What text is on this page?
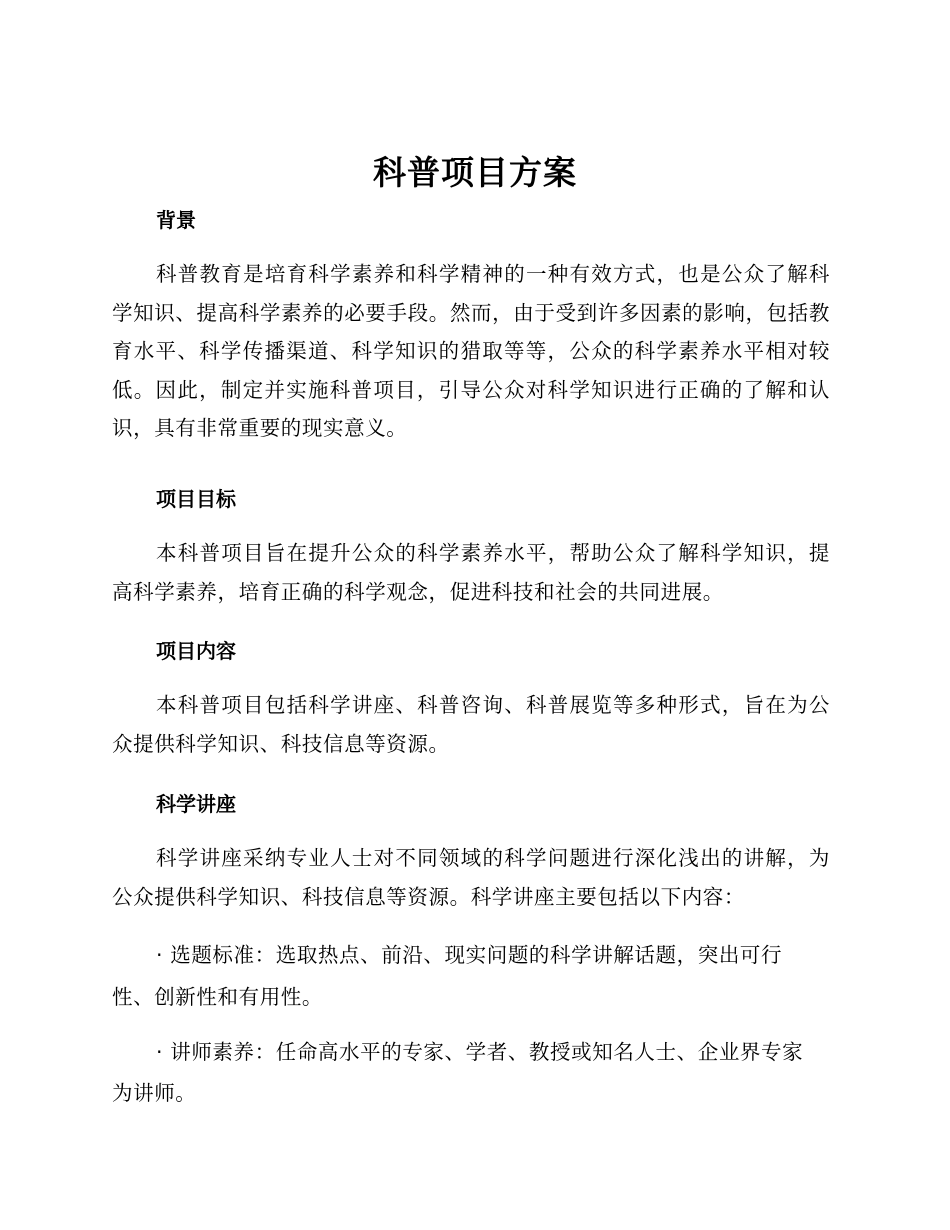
科普项目方案
背景

科普教育是培育科学素养和科学精神的一种有效方式，也是公众了解科学知识、提高科学素养的必要手段。然而，由于受到许多因素的影响，包括教育水平、科学传播渠道、科学知识的猎取等等，公众的科学素养水平相对较低。因此，制定并实施科普项目，引导公众对科学知识进行正确的了解和认识，具有非常重要的现实意义。

项目目标

本科普项目旨在提升公众的科学素养水平，帮助公众了解科学知识，提高科学素养，培育正确的科学观念，促进科技和社会的共同进展。

项目内容

本科普项目包括科学讲座、科普咨询、科普展览等多种形式，旨在为公众提供科学知识、科技信息等资源。

科学讲座

科学讲座采纳专业人士对不同领域的科学问题进行深化浅出的讲解，为公众提供科学知识、科技信息等资源。科学讲座主要包括以下内容：

· 选题标准：选取热点、前沿、现实问题的科学讲解话题，突出可行
性、创新性和有用性。
· 讲师素养：任命高水平的专家、学者、教授或知名人士、企业界专家
为讲师。
